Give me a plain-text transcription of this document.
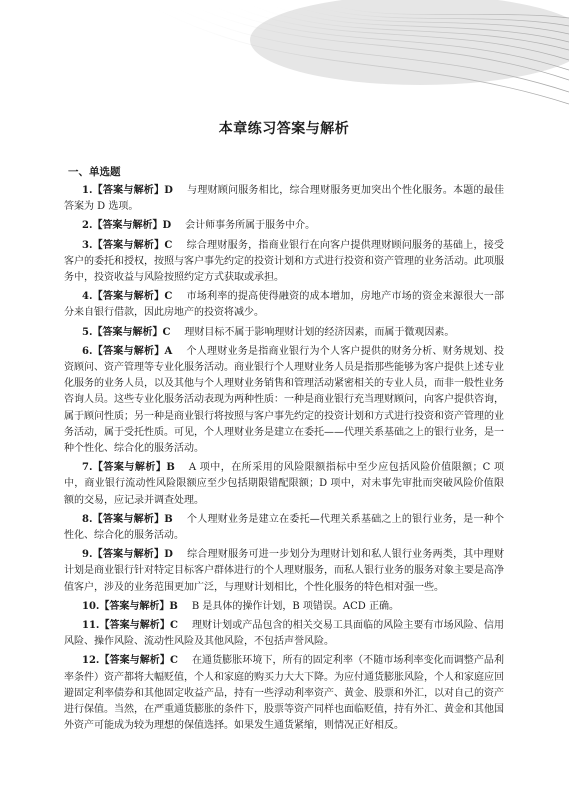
本章练习答案与解析
一、单选题

1.【答案与解析】D 与理财顾问服务相比，综合理财服务更加突出个性化服务。本题的最佳答案为 D 选项。

2.【答案与解析】D 会计师事务所属于服务中介。

3.【答案与解析】C 综合理财服务，指商业银行在向客户提供理财顾问服务的基础上，接受客户的委托和授权，按照与客户事先约定的投资计划和方式进行投资和资产管理的业务活动。此项服务中，投资收益与风险按照约定方式获取或承担。

4.【答案与解析】C 市场利率的提高使得融资的成本增加，房地产市场的资金来源很大一部分来自银行借款，因此房地产的投资将减少。

5.【答案与解析】C 理财目标不属于影响理财计划的经济因素，而属于微观因素。

6.【答案与解析】A 个人理财业务是指商业银行为个人客户提供的财务分析、财务规划、投资顾问、资产管理等专业化服务活动。商业银行个人理财业务人员是指那些能够为客户提供上述专业化服务的业务人员，以及其他与个人理财业务销售和管理活动紧密相关的专业人员，而非一般性业务咨询人员。这些专业化服务活动表现为两种性质：一种是商业银行充当理财顾问，向客户提供咨询，属于顾问性质；另一种是商业银行将按照与客户事先约定的投资计划和方式进行投资和资产管理的业务活动，属于受托性质。可见，个人理财业务是建立在委托——代理关系基础之上的银行业务，是一种个性化、综合化的服务活动。

7.【答案与解析】B A 项中，在所采用的风险限额指标中至少应包括风险价值限额；C 项中，商业银行流动性风险限额应至少包括期限错配限额；D 项中，对未事先审批而突破风险价值限额的交易，应记录并调查处理。

8.【答案与解析】B 个人理财业务是建立在委托—代理关系基础之上的银行业务，是一种个性化、综合化的服务活动。

9.【答案与解析】D 综合理财服务可进一步划分为理财计划和私人银行业务两类，其中理财计划是商业银行针对特定目标客户群体进行的个人理财服务，而私人银行业务的服务对象主要是高净值客户，涉及的业务范围更加广泛，与理财计划相比，个性化服务的特色相对强一些。

10.【答案与解析】B B 是具体的操作计划，B 项错误。ACD 正确。

11.【答案与解析】C 理财计划或产品包含的相关交易工具面临的风险主要有市场风险、信用风险、操作风险、流动性风险及其他风险，不包括声誉风险。

12.【答案与解析】C 在通货膨胀环境下，所有的固定利率（不随市场利率变化而调整产品利率条件）资产都将大幅贬值，个人和家庭的购买力大大下降。为应付通货膨胀风险，个人和家庭应回避固定利率债券和其他固定收益产品，持有一些浮动利率资产、黄金、股票和外汇，以对自己的资产进行保值。当然，在严重通货膨胀的条件下，股票等资产同样也面临贬值，持有外汇、黄金和其他国外资产可能成为较为理想的保值选择。如果发生通货紧缩，则情况正好相反。
